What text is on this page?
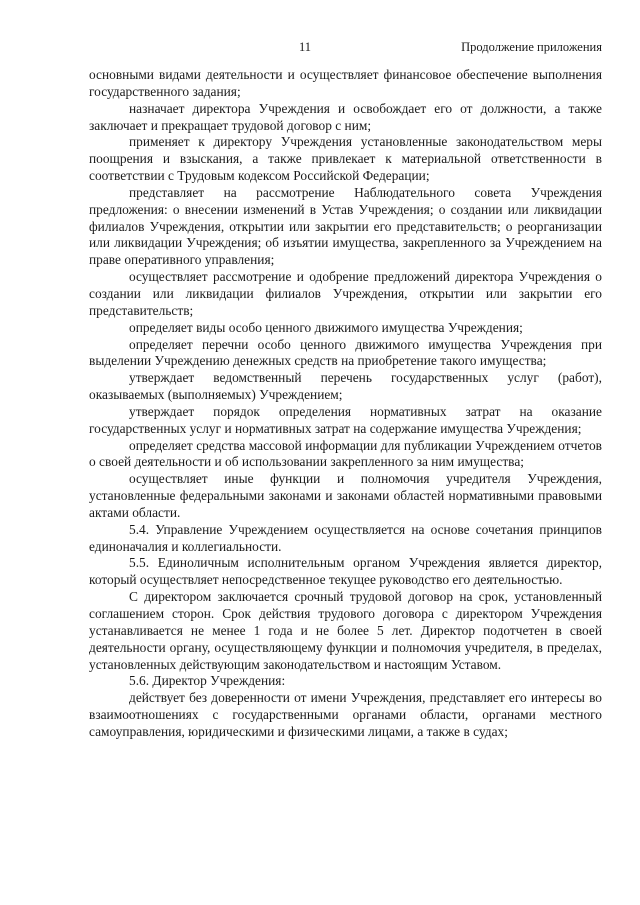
11	Продолжение приложения

основными видами деятельности и осуществляет финансовое обеспечение выполнения государственного задания;

назначает директора Учреждения и освобождает его от должности, а также заключает и прекращает трудовой договор с ним;

применяет к директору Учреждения установленные законодательством меры поощрения и взыскания, а также привлекает к материальной ответственности в соответствии с Трудовым кодексом Российской Федерации;

представляет на рассмотрение Наблюдательного совета Учреждения предложения: о внесении изменений в Устав Учреждения; о создании или ликвидации филиалов Учреждения, открытии или закрытии его представительств; о реорганизации или ликвидации Учреждения; об изъятии имущества, закрепленного за Учреждением на праве оперативного управления;

осуществляет рассмотрение и одобрение предложений директора Учреждения о создании или ликвидации филиалов Учреждения, открытии или закрытии его представительств;

определяет виды особо ценного движимого имущества Учреждения;

определяет перечни особо ценного движимого имущества Учреждения при выделении Учреждению денежных средств на приобретение такого имущества;

утверждает ведомственный перечень государственных услуг (работ), оказываемых (выполняемых) Учреждением;

утверждает порядок определения нормативных затрат на оказание государственных услуг и нормативных затрат на содержание имущества Учреждения;

определяет средства массовой информации для публикации Учреждением отчетов о своей деятельности и об использовании закрепленного за ним имущества;

осуществляет иные функции и полномочия учредителя Учреждения, установленные федеральными законами и законами областей нормативными правовыми актами области.

5.4. Управление Учреждением осуществляется на основе сочетания принципов единоначалия и коллегиальности.

5.5. Единоличным исполнительным органом Учреждения является директор, который осуществляет непосредственное текущее руководство его деятельностью.

С директором заключается срочный трудовой договор на срок, установленный соглашением сторон. Срок действия трудового договора с директором Учреждения устанавливается не менее 1 года и не более 5 лет. Директор подотчетен в своей деятельности органу, осуществляющему функции и полномочия учредителя, в пределах, установленных действующим законодательством и настоящим Уставом.

5.6. Директор Учреждения:

действует без доверенности от имени Учреждения, представляет его интересы во взаимоотношениях с государственными органами области, органами местного самоуправления, юридическими и физическими лицами, а также в судах;
